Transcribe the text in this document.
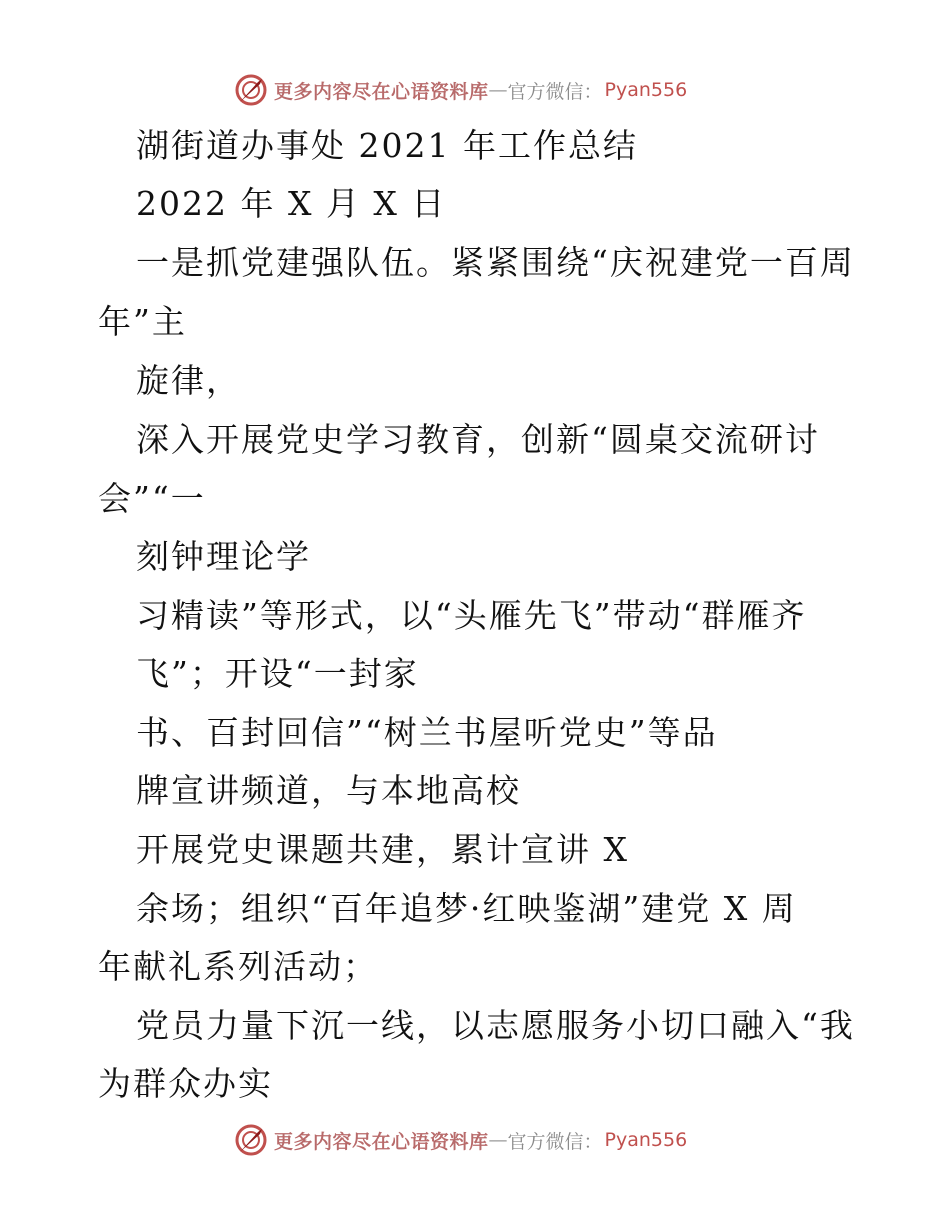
更多内容尽在心语资料库 — 官方微信： Pyan556
湖街道办事处 2021 年工作总结
2022 年 X 月 X 日
一是抓党建强队伍。紧紧围绕“庆祝建党一百周
年”主
旋律，
深入开展党史学习教育，创新“圆桌交流研讨
会”“一
刻钟理论学
习精读”等形式，以“头雁先飞”带动“群雁齐
飞”；开设“一封家
书、百封回信”“树兰书屋听党史”等品
牌宣讲频道，与本地高校
开展党史课题共建，累计宣讲 X
余场；组织“百年追梦·红映鉴湖”建党 X 周
年献礼系列活动；
党员力量下沉一线，以志愿服务小切口融入“我
为群众办实
更多内容尽在心语资料库 — 官方微信： Pyan556
